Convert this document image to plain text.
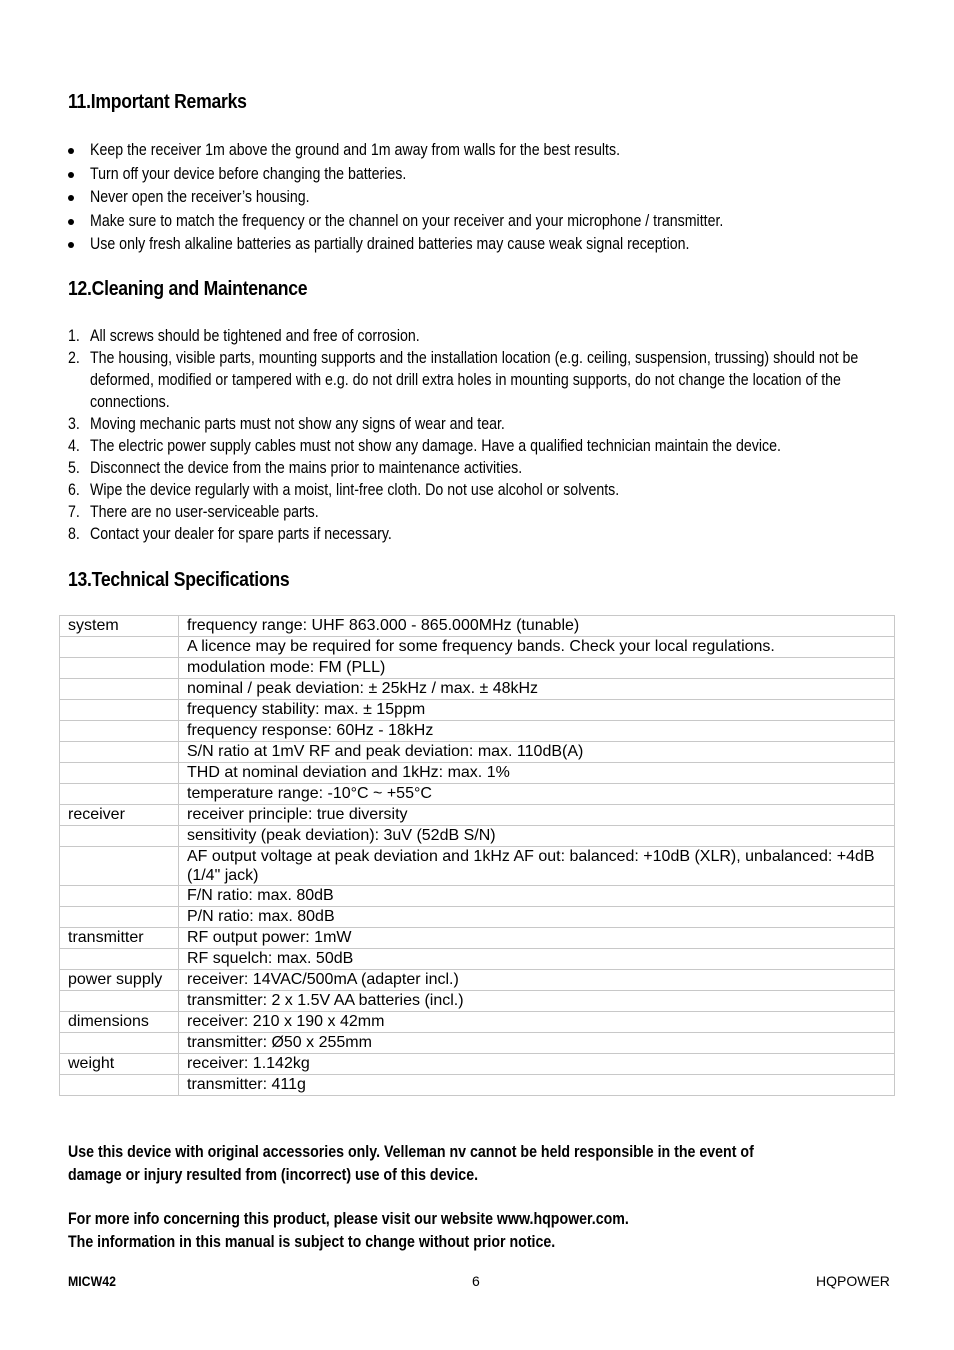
11.Important Remarks
Keep the receiver 1m above the ground and 1m away from walls for the best results.
Turn off your device before changing the batteries.
Never open the receiver’s housing.
Make sure to match the frequency or the channel on your receiver and your microphone / transmitter.
Use only fresh alkaline batteries as partially drained batteries may cause weak signal reception.
12.Cleaning and Maintenance
1. All screws should be tightened and free of corrosion.
2. The housing, visible parts, mounting supports and the installation location (e.g. ceiling, suspension, trussing) should not be deformed, modified or tampered with e.g. do not drill extra holes in mounting supports, do not change the location of the connections.
3. Moving mechanic parts must not show any signs of wear and tear.
4. The electric power supply cables must not show any damage. Have a qualified technician maintain the device.
5. Disconnect the device from the mains prior to maintenance activities.
6. Wipe the device regularly with a moist, lint-free cloth. Do not use alcohol or solvents.
7. There are no user-serviceable parts.
8. Contact your dealer for spare parts if necessary.
13.Technical Specifications
system	frequency range: UHF 863.000 - 865.000MHz (tunable)
	A licence may be required for some frequency bands. Check your local regulations.
	modulation mode: FM (PLL)
	nominal / peak deviation: ± 25kHz / max. ± 48kHz
	frequency stability: max. ± 15ppm
	frequency response: 60Hz - 18kHz
	S/N ratio at 1mV RF and peak deviation: max. 110dB(A)
	THD at nominal deviation and 1kHz: max. 1%
	temperature range: -10°C ~ +55°C
receiver	receiver principle: true diversity
	sensitivity (peak deviation): 3uV (52dB S/N)
	AF output voltage at peak deviation and 1kHz AF out: balanced: +10dB (XLR), unbalanced: +4dB (1/4" jack)
	F/N ratio: max. 80dB
	P/N ratio: max. 80dB
transmitter	RF output power: 1mW
	RF squelch: max. 50dB
power supply	receiver: 14VAC/500mA (adapter incl.)
	transmitter: 2 x 1.5V AA batteries (incl.)
dimensions	receiver: 210 x 190 x 42mm
	transmitter: Ø50 x 255mm
weight	receiver: 1.142kg
	transmitter: 411g

Use this device with original accessories only. Velleman nv cannot be held responsible in the event of
damage or injury resulted from (incorrect) use of this device.

For more info concerning this product, please visit our website www.hqpower.com.
The information in this manual is subject to change without prior notice.

MICW42	6	HQPOWER
